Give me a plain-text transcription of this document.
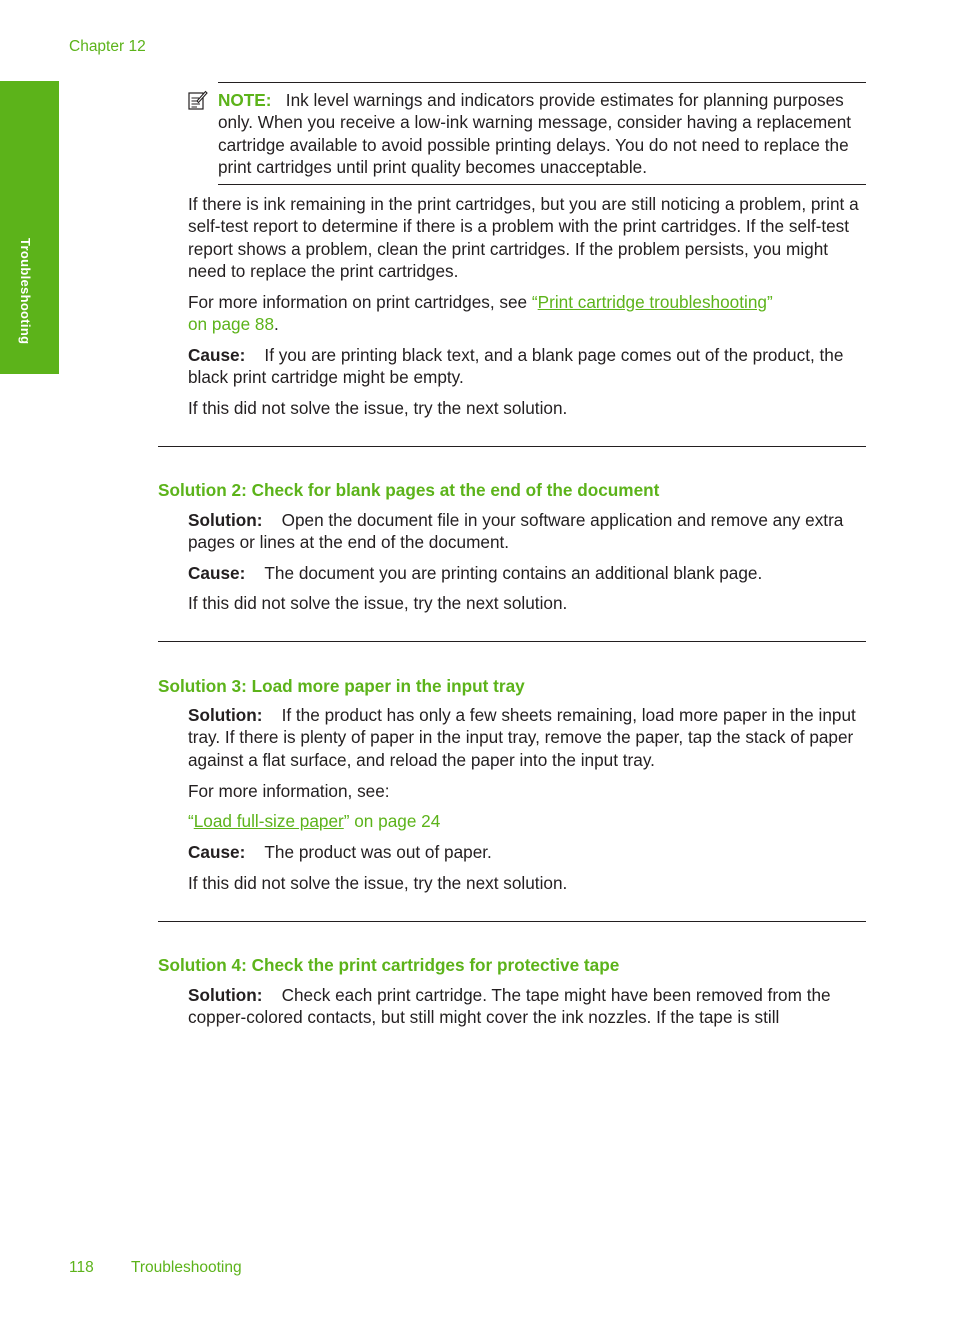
Chapter 12
Troubleshooting

NOTE: Ink level warnings and indicators provide estimates for planning purposes only. When you receive a low-ink warning message, consider having a replacement cartridge available to avoid possible printing delays. You do not need to replace the print cartridges until print quality becomes unacceptable.

If there is ink remaining in the print cartridges, but you are still noticing a problem, print a self-test report to determine if there is a problem with the print cartridges. If the self-test report shows a problem, clean the print cartridges. If the problem persists, you might need to replace the print cartridges.

For more information on print cartridges, see “Print cartridge troubleshooting”
on page 88.

Cause: If you are printing black text, and a blank page comes out of the product, the black print cartridge might be empty.

If this did not solve the issue, try the next solution.

Solution 2: Check for blank pages at the end of the document

Solution: Open the document file in your software application and remove any extra pages or lines at the end of the document.

Cause: The document you are printing contains an additional blank page.

If this did not solve the issue, try the next solution.

Solution 3: Load more paper in the input tray

Solution: If the product has only a few sheets remaining, load more paper in the input tray. If there is plenty of paper in the input tray, remove the paper, tap the stack of paper against a flat surface, and reload the paper into the input tray.

For more information, see:

“Load full-size paper” on page 24

Cause: The product was out of paper.

If this did not solve the issue, try the next solution.

Solution 4: Check the print cartridges for protective tape

Solution: Check each print cartridge. The tape might have been removed from the copper-colored contacts, but still might cover the ink nozzles. If the tape is still

118 Troubleshooting
